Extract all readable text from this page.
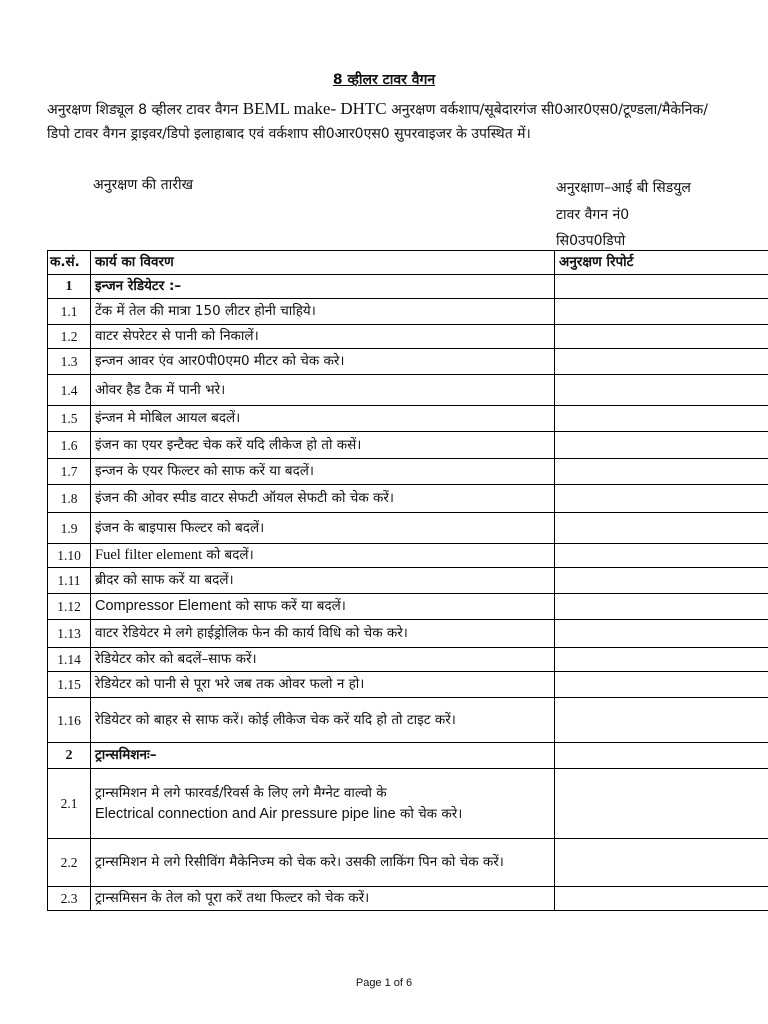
8 व्हीलर टावर वैगन
अनुरक्षण शिड्यूल 8 व्हीलर टावर वैगन BEML make- DHTC अनुरक्षण वर्कशाप/सूबेदारगंज सी0आर0एस0/टूण्डला/मैकेनिक/डिपो टावर वैगन ड्राइवर/डिपो इलाहाबाद एवं वर्कशाप सी0आर0एस0 सुपरवाइजर के उपस्थित में।
अनुरक्षण की तारीख	अनुरक्षाण–आई बी सिडयुल
टावर वैगन नं0
सि0उप0डिपो
क.सं.	कार्य का विवरण	अनुरक्षण रिपोर्ट
1	इन्जन रेडियेटर :–	
1.1	टेंक में तेल की मात्रा 150 लीटर होनी चाहिये।	
1.2	वाटर सेपरेटर से पानी को निकालें।	
1.3	इन्जन आवर एंव आर0पी0एम0 मीटर को चेक करे।	
1.4	ओवर हैड टैक में पानी भरे।	
1.5	इंन्जन मे मोबिल आयल बदलें।	
1.6	इंजन का एयर इन्टैक्ट चेक करें यदि लीकेज हो तो कसें।	
1.7	इन्जन के एयर फिल्टर को साफ करें या बदलें।	
1.8	इंजन की ओवर स्पीड वाटर सेफटी ऑयल सेफटी को चेक करें।	
1.9	इंजन के बाइपास फिल्टर को बदलें।	
1.10	Fuel filter element को बदलें।	
1.11	ब्रीदर को साफ करें या बदलें।	
1.12	Compressor Element को साफ करें या बदलें।	
1.13	वाटर रेडियेटर मे लगे हाईड्रोलिक फेन की कार्य विधि को चेक करे।	
1.14	रेडियेटर कोर को बदलें–साफ करें।	
1.15	रेडियेटर को पानी से पूरा भरे जब तक ओवर फलो न हो।	
1.16	रेडियेटर को बाहर से साफ करें। कोई लीकेज चेक करें यदि हो तो टाइट करें।	
2	ट्रान्समिशनः–	
2.1	ट्रान्समिशन मे लगे फारवर्ड/रिवर्स के लिए लगे मैग्नेट वाल्वो के
Electrical connection and Air pressure pipe line को चेक करे।	
2.2	ट्रान्समिशन मे लगे रिसीविंग मैकेनिज्म को चेक करे। उसकी लाकिंग पिन को चेक करें।	
2.3	ट्रान्समिसन के तेल को पूरा करें तथा फिल्टर को चेक करें।	
Page 1 of 6
